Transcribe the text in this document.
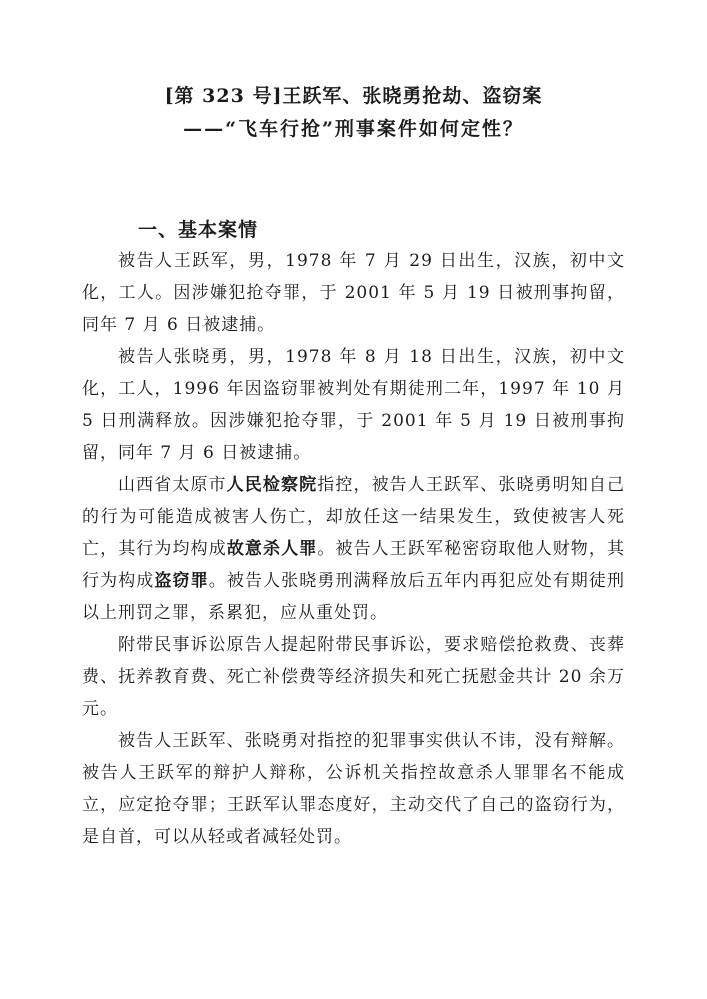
[第 323 号]王跃军、张晓勇抢劫、盗窃案
——“飞车行抢”刑事案件如何定性？
一、基本案情

被告人王跃军，男，1978 年 7 月 29 日出生，汉族，初中文化，工人。因涉嫌犯抢夺罪，于 2001 年 5 月 19 日被刑事拘留，同年 7 月 6 日被逮捕。

被告人张晓勇，男，1978 年 8 月 18 日出生，汉族，初中文化，工人，1996 年因盗窃罪被判处有期徒刑二年，1997 年 10 月 5 日刑满释放。因涉嫌犯抢夺罪，于 2001 年 5 月 19 日被刑事拘留，同年 7 月 6 日被逮捕。

山西省太原市人民检察院指控，被告人王跃军、张晓勇明知自己的行为可能造成被害人伤亡，却放任这一结果发生，致使被害人死亡，其行为均构成故意杀人罪。被告人王跃军秘密窃取他人财物，其行为构成盗窃罪。被告人张晓勇刑满释放后五年内再犯应处有期徒刑以上刑罚之罪，系累犯，应从重处罚。

附带民事诉讼原告人提起附带民事诉讼，要求赔偿抢救费、丧葬费、抚养教育费、死亡补偿费等经济损失和死亡抚慰金共计 20 余万元。

被告人王跃军、张晓勇对指控的犯罪事实供认不讳，没有辩解。被告人王跃军的辩护人辩称，公诉机关指控故意杀人罪罪名不能成立，应定抢夺罪；王跃军认罪态度好，主动交代了自己的盗窃行为，是自首，可以从轻或者减轻处罚。
